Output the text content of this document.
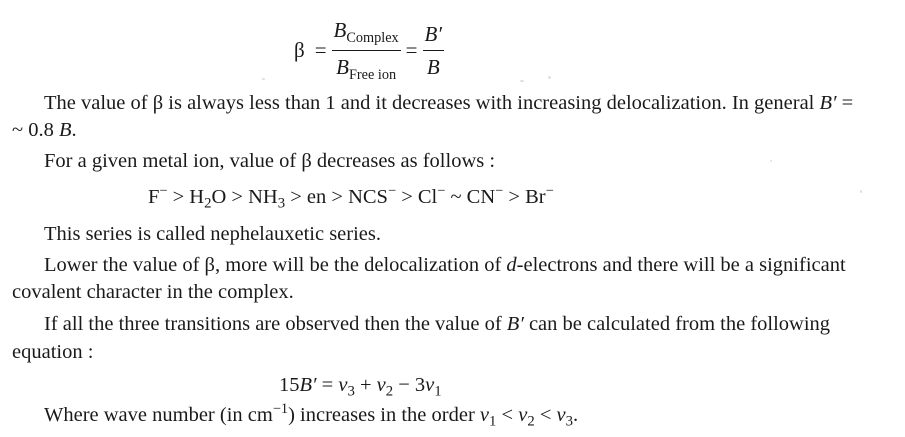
$\beta = \frac{B_{Complex}}{B_{Free ion}} = \frac{B'}{B}$
The value of β is always less than 1 and it decreases with increasing delocalization. In general B′ =
~ 0.8 B.
For a given metal ion, value of β decreases as follows :
$F^- > H_2O > NH_3$ > en > NCS− > Cl− ~ CN− > Br−
This series is called nephelauxetic series.
Lower the value of β, more will be the delocalization of d-electrons and there will be a significant
covalent character in the complex.
If all the three transitions are observed then the value of B′ can be calculated from the following
equation :
$15B' = v_3 + v_2 - 3v_1$
Where wave number (in $cm^{-1}$) increases in the order $v_1 < v_2 < v_3$.
